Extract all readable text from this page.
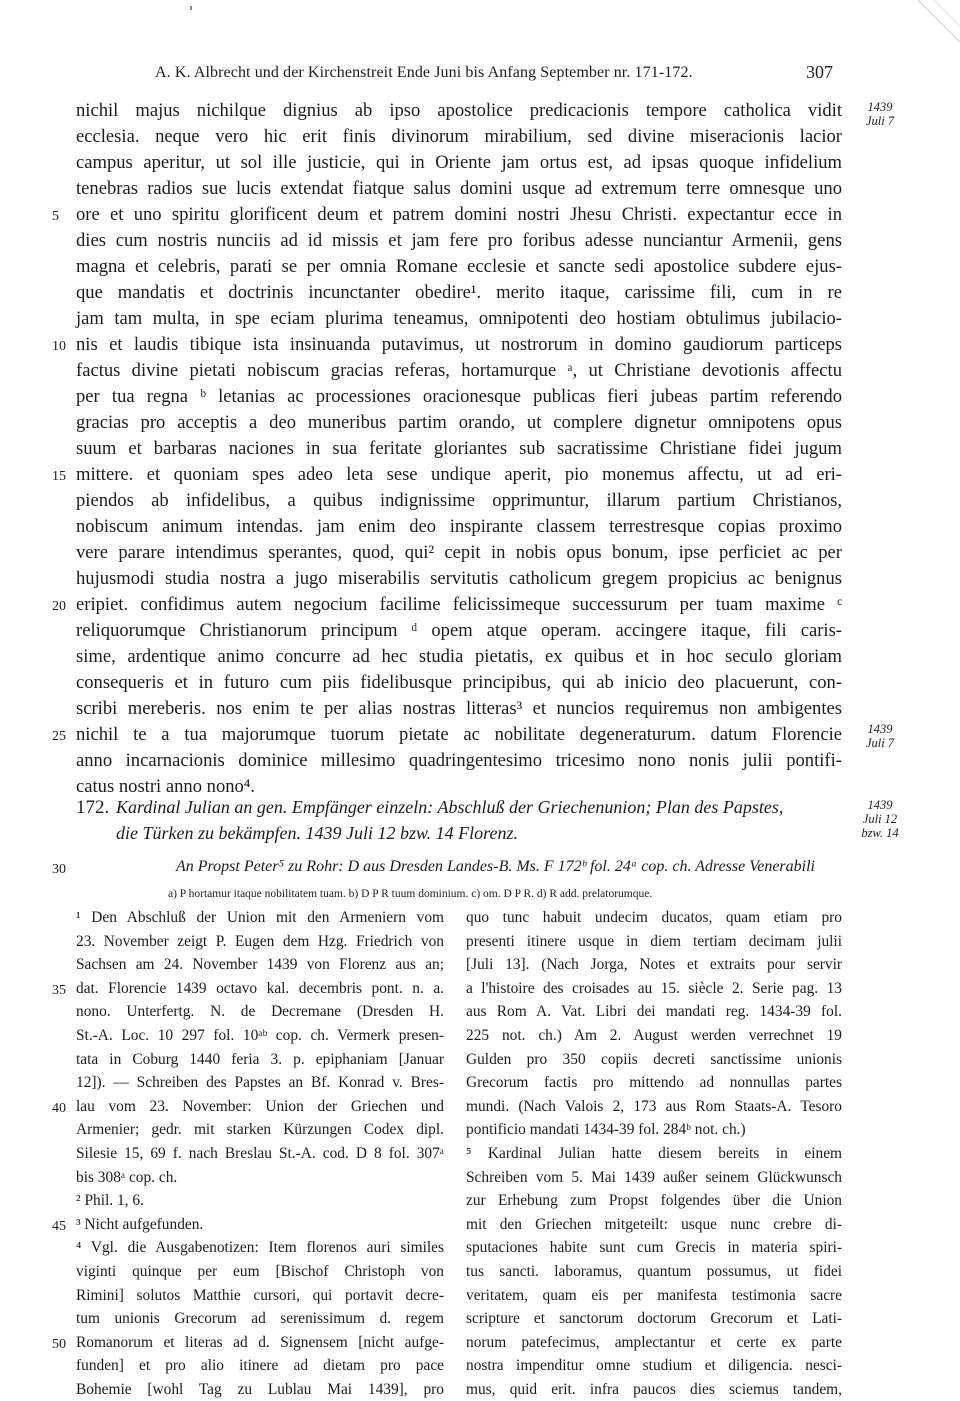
A. K. Albrecht und der Kirchenstreit Ende Juni bis Anfang September nr. 171-172.	307
1439
Juli 7
1439
Juli 7
1439
Juli 12
bzw. 14
nichil majus nichilque dignius ab ipso apostolice predicacionis tempore catholica vidit
ecclesia. neque vero hic erit finis divinorum mirabilium, sed divine miseracionis lacior
campus aperitur, ut sol ille justicie, qui in Oriente jam ortus est, ad ipsas quoque infidelium
tenebras radios sue lucis extendat fiatque salus domini usque ad extremum terre omnesque uno
ore et uno spiritu glorificent deum et patrem domini nostri Jhesu Christi. expectantur ecce in
dies cum nostris nunciis ad id missis et jam fere pro foribus adesse nunciantur Armenii, gens
magna et celebris, parati se per omnia Romane ecclesie et sancte sedi apostolice subdere ejus-
que mandatis et doctrinis incunctanter obedire¹. merito itaque, carissime fili, cum in re
jam tam multa, in spe eciam plurima teneamus, omnipotenti deo hostiam obtulimus jubilacio-
nis et laudis tibique ista insinuanda putavimus, ut nostrorum in domino gaudiorum particeps
factus divine pietati nobiscum gracias referas, hortamurque ᵃ, ut Christiane devotionis affectu
per tua regna ᵇ letanias ac processiones oracionesque publicas fieri jubeas partim referendo
gracias pro acceptis a deo muneribus partim orando, ut complere dignetur omnipotens opus
suum et barbaras naciones in sua feritate gloriantes sub sacratissime Christiane fidei jugum
mittere. et quoniam spes adeo leta sese undique aperit, pio monemus affectu, ut ad eri-
piendos ab infidelibus, a quibus indignissime opprimuntur, illarum partium Christianos,
nobiscum animum intendas. jam enim deo inspirante classem terrestresque copias proximo
vere parare intendimus sperantes, quod, qui² cepit in nobis opus bonum, ipse perficiet ac per
hujusmodi studia nostra a jugo miserabilis servitutis catholicum gregem propicius ac benignus
eripiet. confidimus autem negocium facilime felicissimeque successurum per tuam maxime ᶜ
reliquorumque Christianorum principum ᵈ opem atque operam. accingere itaque, fili caris-
sime, ardentique animo concurre ad hec studia pietatis, ex quibus et in hoc seculo gloriam
consequeris et in futuro cum piis fidelibusque principibus, qui ab inicio deo placuerunt, con-
scribi mereberis. nos enim te per alias nostras litteras³ et nuncios requiremus non ambigentes
nichil te a tua majorumque tuorum pietate ac nobilitate degeneraturum. datum Florencie
anno incarnacionis dominice millesimo quadringentesimo tricesimo nono nonis julii pontifi-
catus nostri anno nono⁴.
5
10
15
20
25
30
35
40
45
50
172. Kardinal Julian an gen. Empfänger einzeln: Abschluß der Griechenunion; Plan des Papstes,
die Türken zu bekämpfen. 1439 Juli 12 bzw. 14 Florenz.
An Propst Peter⁵ zu Rohr: D aus Dresden Landes-B. Ms. F 172ᵇ fol. 24ᵃ cop. ch. Adresse Venerabili
a) P hortamur itaque nobilitatem tuam. b) D P R tuum dominium. c) om. D P R. d) R add. prelatorumque.
¹ Den Abschluß der Union mit den Armeniern vom
23. November zeigt P. Eugen dem Hzg. Friedrich von
Sachsen am 24. November 1439 von Florenz aus an;
dat. Florencie 1439 octavo kal. decembris pont. n. a.
nono. Unterfertg. N. de Decremane (Dresden H.
St.-A. Loc. 10 297 fol. 10ᵃᵇ cop. ch. Vermerk presen-
tata in Coburg 1440 feria 3. p. epiphaniam [Januar
12]). — Schreiben des Papstes an Bf. Konrad v. Bres-
lau vom 23. November: Union der Griechen und
Armenier; gedr. mit starken Kürzungen Codex dipl.
Silesie 15, 69 f. nach Breslau St.-A. cod. D 8 fol. 307ᵃ
bis 308ᵃ cop. ch.
² Phil. 1, 6.
³ Nicht aufgefunden.
⁴ Vgl. die Ausgabenotizen: Item florenos auri similes
viginti quinque per eum [Bischof Christoph von
Rimini] solutos Matthie cursori, qui portavit decre-
tum unionis Grecorum ad serenissimum d. regem
Romanorum et literas ad d. Signensem [nicht aufge-
funden] et pro alio itinere ad dietam pro pace
Bohemie [wohl Tag zu Lublau Mai 1439], pro
quo tunc habuit undecim ducatos, quam etiam pro
presenti itinere usque in diem tertiam decimam julii
[Juli 13]. (Nach Jorga, Notes et extraits pour servir
a l'histoire des croisades au 15. siècle 2. Serie pag. 13
aus Rom A. Vat. Libri dei mandati reg. 1434-39 fol.
225 not. ch.) Am 2. August werden verrechnet 19
Gulden pro 350 copiis decreti sanctissime unionis
Grecorum factis pro mittendo ad nonnullas partes
mundi. (Nach Valois 2, 173 aus Rom Staats-A. Tesoro
pontificio mandati 1434-39 fol. 284ᵇ not. ch.)
⁵ Kardinal Julian hatte diesem bereits in einem
Schreiben vom 5. Mai 1439 außer seinem Glückwunsch
zur Erhebung zum Propst folgendes über die Union
mit den Griechen mitgeteilt: usque nunc crebre di-
sputaciones habite sunt cum Grecis in materia spiri-
tus sancti. laboramus, quantum possumus, ut fidei
veritatem, quam eis per manifesta testimonia sacre
scripture et sanctorum doctorum Grecorum et Lati-
norum patefecimus, amplectantur et certe ex parte
nostra impenditur omne studium et diligencia. nesci-
mus, quid erit. infra paucos dies sciemus tandem,
